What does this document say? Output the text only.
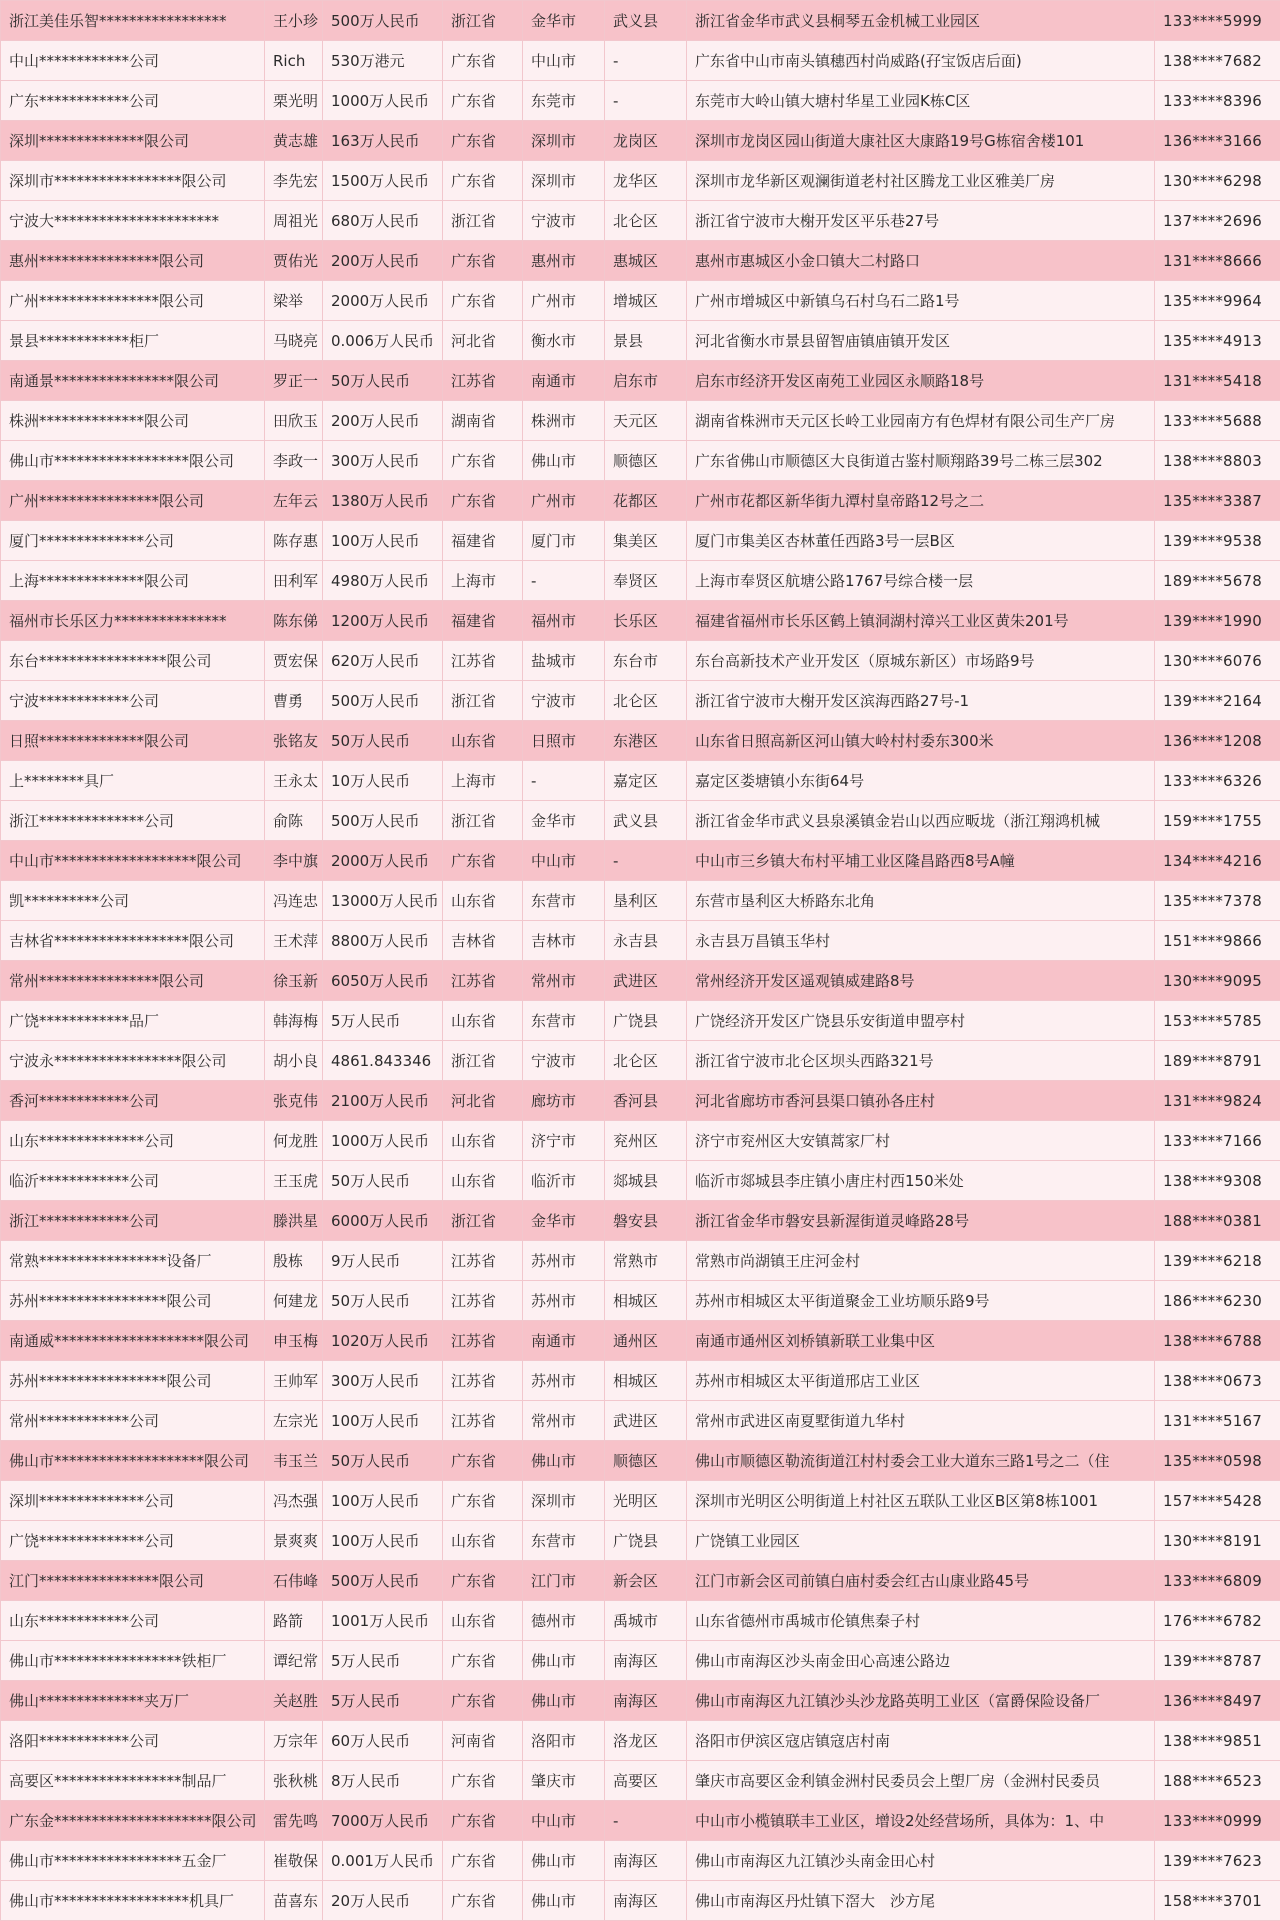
浙江美佳乐智*****************	王小珍	500万人民币	浙江省	金华市	武义县	浙江省金华市武义县桐琴五金机械工业园区	133****5999
中山************公司	Rich	530万港元	广东省	中山市	-	广东省中山市南头镇穗西村尚威路(孖宝饭店后面)	138****7682
广东************公司	栗光明	1000万人民币	广东省	东莞市	-	东莞市大岭山镇大塘村华星工业园K栋C区	133****8396
深圳**************限公司	黄志雄	163万人民币	广东省	深圳市	龙岗区	深圳市龙岗区园山街道大康社区大康路19号G栋宿舍楼101	136****3166
深圳市*****************限公司	李先宏	1500万人民币	广东省	深圳市	龙华区	深圳市龙华新区观澜街道老村社区腾龙工业区雅美厂房	130****6298
宁波大**********************	周祖光	680万人民币	浙江省	宁波市	北仑区	浙江省宁波市大榭开发区平乐巷27号	137****2696
惠州****************限公司	贾佑光	200万人民币	广东省	惠州市	惠城区	惠州市惠城区小金口镇大二村路口	131****8666
广州****************限公司	梁举	2000万人民币	广东省	广州市	增城区	广州市增城区中新镇乌石村乌石二路1号	135****9964
景县************柜厂	马晓亮	0.006万人民币	河北省	衡水市	景县	河北省衡水市景县留智庙镇庙镇开发区	135****4913
南通景****************限公司	罗正一	50万人民币	江苏省	南通市	启东市	启东市经济开发区南苑工业园区永顺路18号	131****5418
株洲**************限公司	田欣玉	200万人民币	湖南省	株洲市	天元区	湖南省株洲市天元区长岭工业园南方有色焊材有限公司生产厂房	133****5688
佛山市******************限公司	李政一	300万人民币	广东省	佛山市	顺德区	广东省佛山市顺德区大良街道古鉴村顺翔路39号二栋三层302	138****8803
广州****************限公司	左年云	1380万人民币	广东省	广州市	花都区	广州市花都区新华街九潭村皇帝路12号之二	135****3387
厦门**************公司	陈存惠	100万人民币	福建省	厦门市	集美区	厦门市集美区杏林董任西路3号一层B区	139****9538
上海**************限公司	田利军	4980万人民币	上海市	-	奉贤区	上海市奉贤区航塘公路1767号综合楼一层	189****5678
福州市长乐区力***************	陈东俤	1200万人民币	福建省	福州市	长乐区	福建省福州市长乐区鹤上镇洞湖村漳兴工业区黄朱201号	139****1990
东台*****************限公司	贾宏保	620万人民币	江苏省	盐城市	东台市	东台高新技术产业开发区（原城东新区）市场路9号	130****6076
宁波************公司	曹勇	500万人民币	浙江省	宁波市	北仑区	浙江省宁波市大榭开发区滨海西路27号-1	139****2164
日照**************限公司	张铭友	50万人民币	山东省	日照市	东港区	山东省日照高新区河山镇大岭村村委东300米	136****1208
上********具厂	王永太	10万人民币	上海市	-	嘉定区	嘉定区娄塘镇小东街64号	133****6326
浙江**************公司	俞陈	500万人民币	浙江省	金华市	武义县	浙江省金华市武义县泉溪镇金岩山以西应畈垅（浙江翔鸿机械	159****1755
中山市*******************限公司	李中旗	2000万人民币	广东省	中山市	-	中山市三乡镇大布村平埔工业区隆昌路西8号A幢	134****4216
凯**********公司	冯连忠	13000万人民币	山东省	东营市	垦利区	东营市垦利区大桥路东北角	135****7378
吉林省******************限公司	王术萍	8800万人民币	吉林省	吉林市	永吉县	永吉县万昌镇玉华村	151****9866
常州****************限公司	徐玉新	6050万人民币	江苏省	常州市	武进区	常州经济开发区遥观镇威建路8号	130****9095
广饶************品厂	韩海梅	5万人民币	山东省	东营市	广饶县	广饶经济开发区广饶县乐安街道申盟亭村	153****5785
宁波永*****************限公司	胡小良	4861.843346	浙江省	宁波市	北仑区	浙江省宁波市北仑区坝头西路321号	189****8791
香河************公司	张克伟	2100万人民币	河北省	廊坊市	香河县	河北省廊坊市香河县渠口镇孙各庄村	131****9824
山东**************公司	何龙胜	1000万人民币	山东省	济宁市	兖州区	济宁市兖州区大安镇蒿家厂村	133****7166
临沂************公司	王玉虎	50万人民币	山东省	临沂市	郯城县	临沂市郯城县李庄镇小唐庄村西150米处	138****9308
浙江************公司	滕洪星	6000万人民币	浙江省	金华市	磐安县	浙江省金华市磐安县新渥街道灵峰路28号	188****0381
常熟*****************设备厂	殷栋	9万人民币	江苏省	苏州市	常熟市	常熟市尚湖镇王庄河金村	139****6218
苏州*****************限公司	何建龙	50万人民币	江苏省	苏州市	相城区	苏州市相城区太平街道聚金工业坊顺乐路9号	186****6230
南通威********************限公司	申玉梅	1020万人民币	江苏省	南通市	通州区	南通市通州区刘桥镇新联工业集中区	138****6788
苏州*****************限公司	王帅军	300万人民币	江苏省	苏州市	相城区	苏州市相城区太平街道邢店工业区	138****0673
常州************公司	左宗光	100万人民币	江苏省	常州市	武进区	常州市武进区南夏墅街道九华村	131****5167
佛山市********************限公司	韦玉兰	50万人民币	广东省	佛山市	顺德区	佛山市顺德区勒流街道江村村委会工业大道东三路1号之二（住	135****0598
深圳**************公司	冯杰强	100万人民币	广东省	深圳市	光明区	深圳市光明区公明街道上村社区五联队工业区B区第8栋1001	157****5428
广饶**************公司	景爽爽	100万人民币	山东省	东营市	广饶县	广饶镇工业园区	130****8191
江门****************限公司	石伟峰	500万人民币	广东省	江门市	新会区	江门市新会区司前镇白庙村委会红古山康业路45号	133****6809
山东************公司	路箭	1001万人民币	山东省	德州市	禹城市	山东省德州市禹城市伦镇焦秦子村	176****6782
佛山市*****************铁柜厂	谭纪常	5万人民币	广东省	佛山市	南海区	佛山市南海区沙头南金田心高速公路边	139****8787
佛山**************夹万厂	关赵胜	5万人民币	广东省	佛山市	南海区	佛山市南海区九江镇沙头沙龙路英明工业区（富爵保险设备厂	136****8497
洛阳************公司	万宗年	60万人民币	河南省	洛阳市	洛龙区	洛阳市伊滨区寇店镇寇店村南	138****9851
高要区*****************制品厂	张秋桃	8万人民币	广东省	肇庆市	高要区	肇庆市高要区金利镇金洲村民委员会上塱厂房（金洲村民委员	188****6523
广东金*********************限公司	雷先鸣	7000万人民币	广东省	中山市	-	中山市小榄镇联丰工业区，增设2处经营场所，具体为：1、中	133****0999
佛山市*****************五金厂	崔敬保	0.001万人民币	广东省	佛山市	南海区	佛山市南海区九江镇沙头南金田心村	139****7623
佛山市******************机具厂	苗喜东	20万人民币	广东省	佛山市	南海区	佛山市南海区丹灶镇下滘大　沙方尾	158****3701
